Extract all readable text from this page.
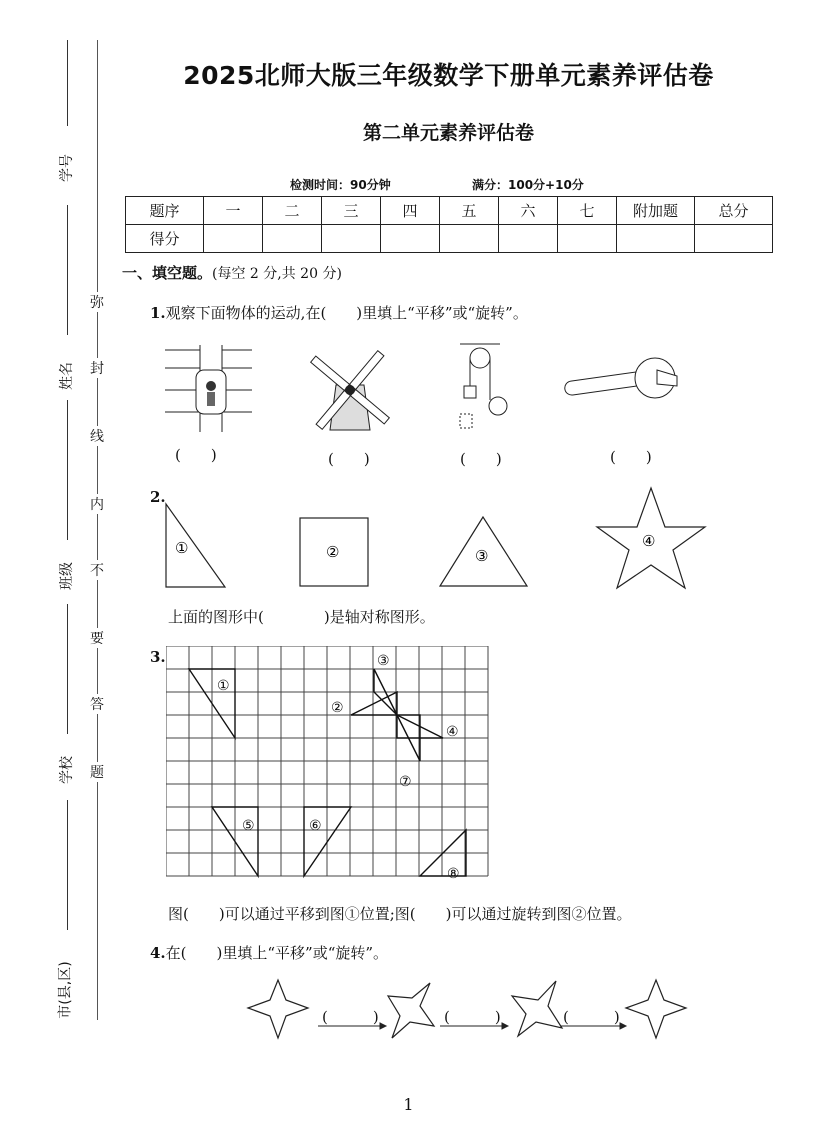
学号
姓名
班级
学校
市(县,区)
弥
封
线
内
不
要
答
题
2025北师大版三年级数学下册单元素养评估卷
第二单元素养评估卷
检测时间：90分钟	满分：100分+10分
题序	一	二	三	四	五	六	七	附加题	总分
得分									
一、填空题。(每空 2 分,共 20 分)
1.观察下面物体的运动,在(　　)里填上“平移”或“旋转”。
(　　)	(　　)	(　　)	(　　)
2.
①	②	③
④
上面的图形中(　　　　)是轴对称图形。
3.
①
②
③
④
⑤	⑥
⑦
⑧
图(　　)可以通过平移到图①位置;图(　　)可以通过旋转到图②位置。
4.在(　　)里填上“平移”或“旋转”。
(　　　)	(　　　)	(　　　)
1
